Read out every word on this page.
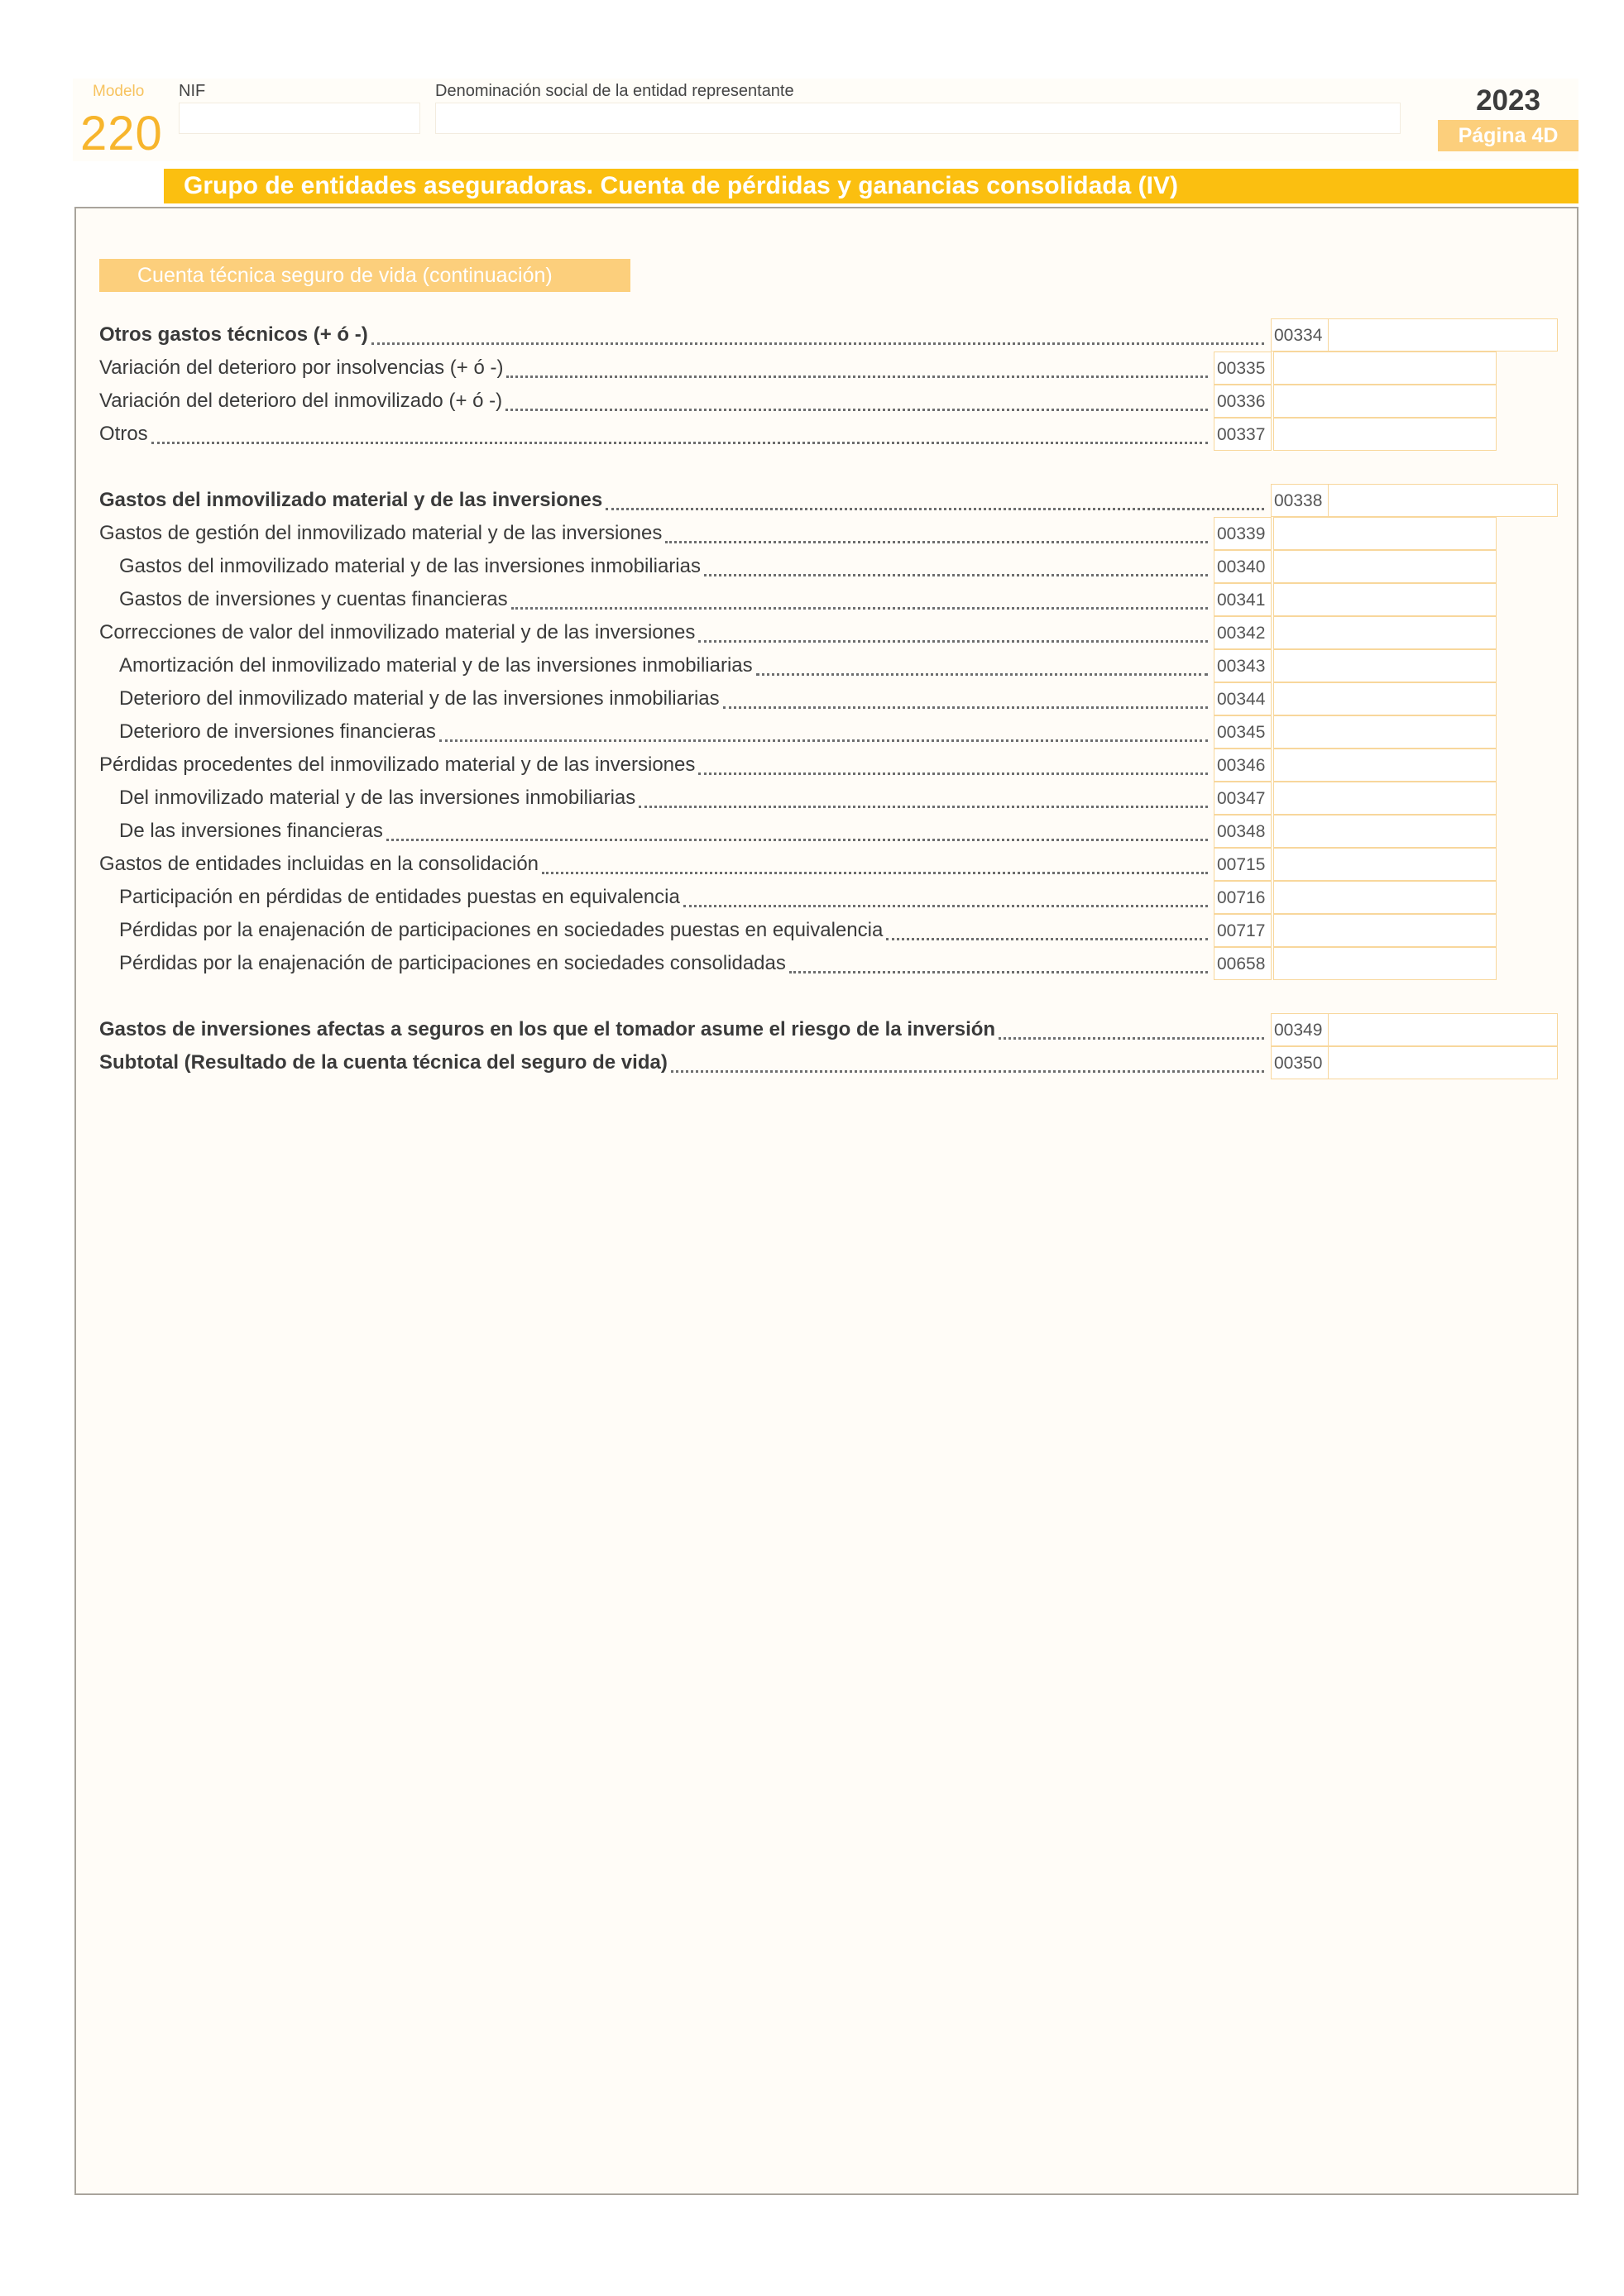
Modelo
220
NIF	Denominación social de la entidad representante	2023
Página 4D
Grupo de entidades aseguradoras. Cuenta de pérdidas y ganancias consolidada (IV)
Cuenta técnica seguro de vida (continuación)
Otros gastos técnicos (+ ó -)	00334
Variación del deterioro por insolvencias (+ ó -)	00335
Variación del deterioro del inmovilizado (+ ó -)	00336
Otros	00337
Gastos del inmovilizado material y de las inversiones	00338
Gastos de gestión del inmovilizado material y de las inversiones	00339
Gastos del inmovilizado material y de las inversiones inmobiliarias	00340
Gastos de inversiones y cuentas financieras	00341
Correcciones de valor del inmovilizado material y de las inversiones	00342
Amortización del inmovilizado material y de las inversiones inmobiliarias	00343
Deterioro del inmovilizado material y de las inversiones inmobiliarias	00344
Deterioro de inversiones financieras	00345
Pérdidas procedentes del inmovilizado material y de las inversiones	00346
Del inmovilizado material y de las inversiones inmobiliarias	00347
De las inversiones financieras	00348
Gastos de entidades incluidas en la consolidación	00715
Participación en pérdidas de entidades puestas en equivalencia	00716
Pérdidas por la enajenación de participaciones en sociedades puestas en equivalencia	00717
Pérdidas por la enajenación de participaciones en sociedades consolidadas	00658
Gastos de inversiones afectas a seguros en los que el tomador asume el riesgo de la inversión	00349
Subtotal (Resultado de la cuenta técnica del seguro de vida)	00350
